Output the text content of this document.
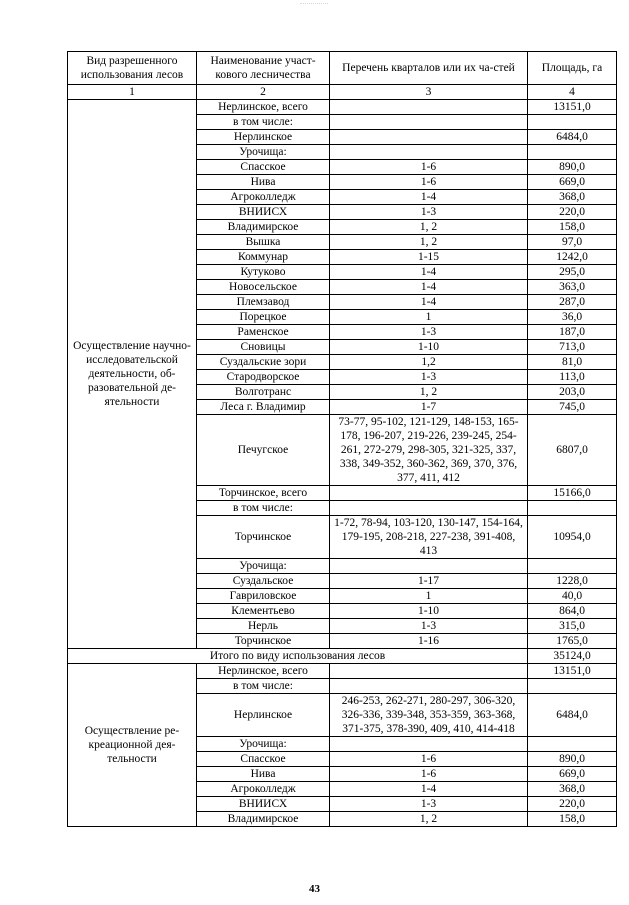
Вид разрешенного использования лесов	Наименование участ-кового лесничества	Перечень кварталов или их ча-стей	Площадь, га
1	2	3	4
Осуществление научно-исследовательской деятельности, об-разовательной де-ятельности	Нерлинское, всего		13151,0
	в том числе:		
	Нерлинское		6484,0
	Урочища:		
	Спасское	1-6	890,0
	Нива	1-6	669,0
	Агроколледж	1-4	368,0
	ВНИИСХ	1-3	220,0
	Владимирское	1, 2	158,0
	Вышка	1, 2	97,0
	Коммунар	1-15	1242,0
	Кутуково	1-4	295,0
	Новосельское	1-4	363,0
	Племзавод	1-4	287,0
	Порецкое	1	36,0
	Раменское	1-3	187,0
	Сновицы	1-10	713,0
	Суздальские зори	1,2	81,0
	Стародворское	1-3	113,0
	Волготранс	1, 2	203,0
	Леса г. Владимир	1-7	745,0
	Печугское	73-77, 95-102, 121-129, 148-153, 165-178, 196-207, 219-226, 239-245, 254-261, 272-279, 298-305, 321-325, 337, 338, 349-352, 360-362, 369, 370, 376, 377, 411, 412	6807,0
	Торчинское, всего		15166,0
	в том числе:		
	Торчинское	1-72, 78-94, 103-120, 130-147, 154-164, 179-195, 208-218, 227-238, 391-408, 413	10954,0
	Урочища:		
	Суздальское	1-17	1228,0
	Гавриловское	1	40,0
	Клементьево	1-10	864,0
	Нерль	1-3	315,0
	Торчинское	1-16	1765,0
Итого по виду использования лесов			35124,0
Осуществление ре-креационной дея-тельности	Нерлинское, всего		13151,0
	в том числе:		
	Нерлинское	246-253, 262-271, 280-297, 306-320, 326-336, 339-348, 353-359, 363-368, 371-375, 378-390, 409, 410, 414-418	6484,0
	Урочища:		
	Спасское	1-6	890,0
	Нива	1-6	669,0
	Агроколледж	1-4	368,0
	ВНИИСХ	1-3	220,0
	Владимирское	1, 2	158,0
43
